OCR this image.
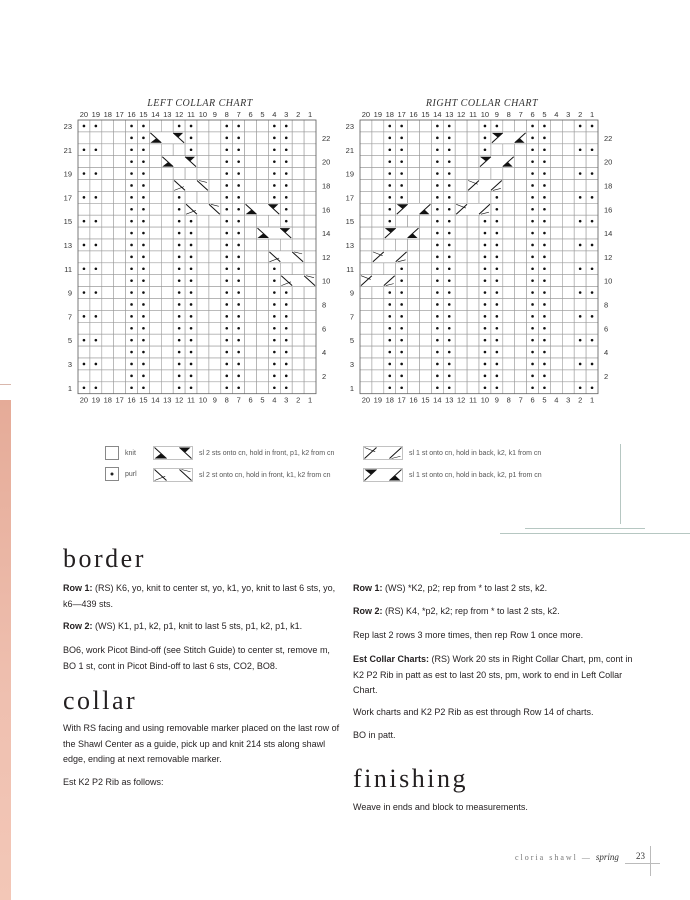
LEFT COLLAR CHART	RIGHT COLLAR CHART
20
20
19
19
18
18
17
17
16
16
15
15
14
14
13
13
12
12
11
11
10
10
9
9
8
8
7
7
6
6
5
5
4
4
3
3
2
2
1
1
23
22
21
20
19
18
17
16
15
14
13
12
11
10
9
8
7
6
5
4
3
2
1
20
20
19
19
18
18
17
17
16
16
15
15
14
14
13
13
12
12
11
11
10
10
9
9
8
8
7
7
6
6
5
5
4
4
3
3
2
2
1
1
23
22
21
20
19
18
17
16
15
14
13
12
11
10
9
8
7
6
5
4
3
2
1
knit
purl
sl 2 sts onto cn, hold in front, p1, k2 from cn
sl 2 st onto cn, hold in front, k1, k2 from cn
sl 1 st onto cn, hold in back, k2, k1 from cn
sl 1 st onto cn, hold in back, k2, p1 from cn
border

Row 1: (RS) K6, yo, knit to center st, yo, k1, yo, knit to last 6 sts, yo, k6—439 sts.

Row 2: (WS) K1, p1, k2, p1, knit to last 5 sts, p1, k2, p1, k1.

BO6, work Picot Bind-off (see Stitch Guide) to center st, remove m, BO 1 st, cont in Picot Bind-off to last 6 sts, CO2, BO8.

collar

With RS facing and using removable marker placed on the last row of the Shawl Center as a guide, pick up and knit 214 sts along shawl edge, ending at next removable marker.

Est K2 P2 Rib as follows:

Row 1: (WS) *K2, p2; rep from * to last 2 sts, k2.

Row 2: (RS) K4, *p2, k2; rep from * to last 2 sts, k2.

Rep last 2 rows 3 more times, then rep Row 1 once more.

Est Collar Charts: (RS) Work 20 sts in Right Collar Chart, pm, cont in K2 P2 Rib in patt as est to last 20 sts, pm, work to end in Left Collar Chart.

Work charts and K2 P2 Rib as est through Row 14 of charts.

BO in patt.

finishing

Weave in ends and block to measurements.

cloria shawl — spring 23
